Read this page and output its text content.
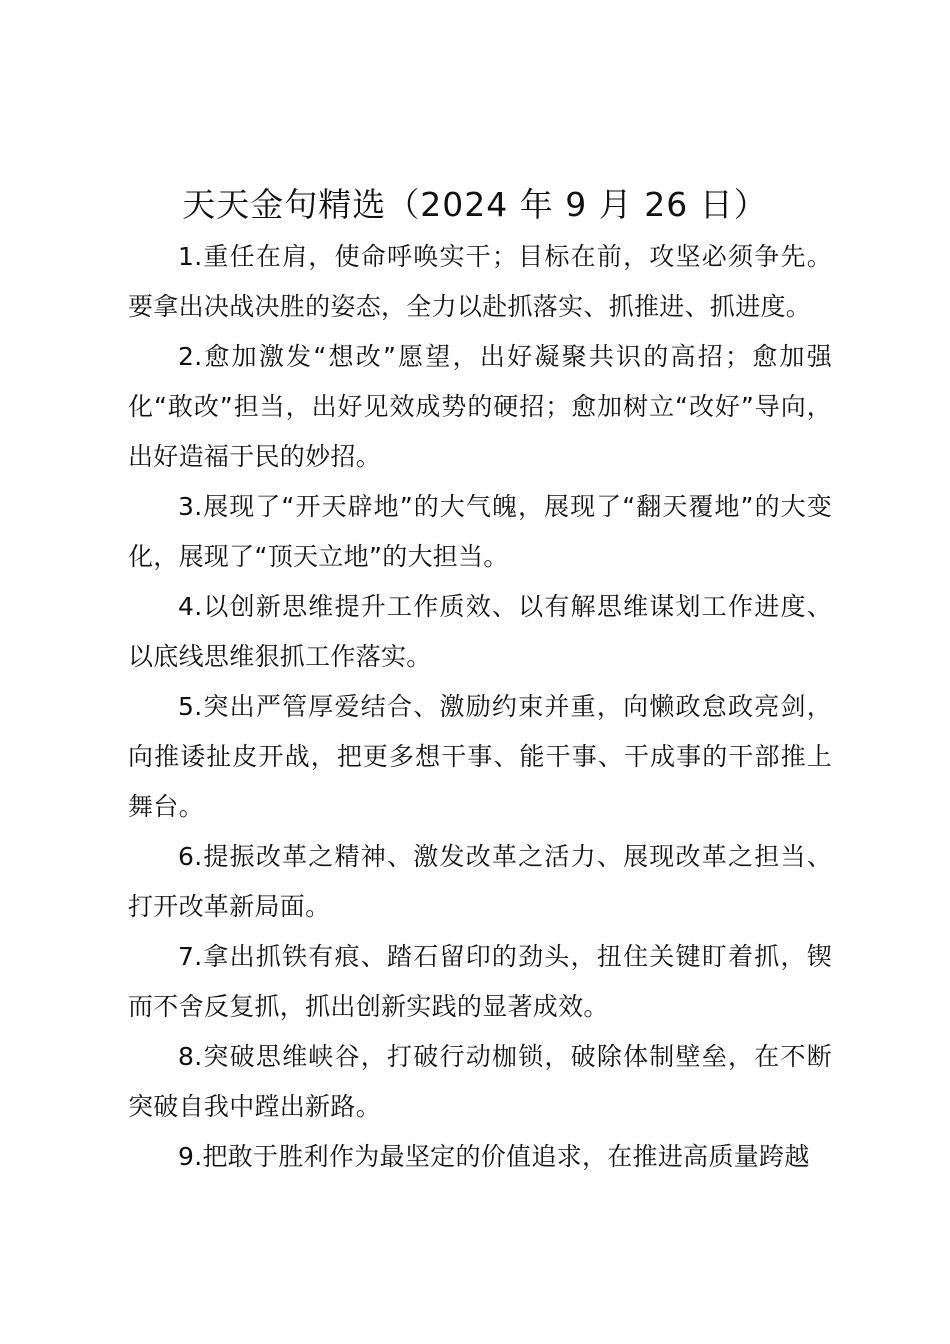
天天金句精选（2024 年 9 月 26 日）

1.重任在肩，使命呼唤实干；目标在前，攻坚必须争先。要拿出决战决胜的姿态，全力以赴抓落实、抓推进、抓进度。

2.愈加激发“想改”愿望，出好凝聚共识的高招；愈加强化“敢改”担当，出好见效成势的硬招；愈加树立“改好”导向，出好造福于民的妙招。

3.展现了“开天辟地”的大气魄，展现了“翻天覆地”的大变化，展现了“顶天立地”的大担当。

4.以创新思维提升工作质效、以有解思维谋划工作进度、以底线思维狠抓工作落实。

5.突出严管厚爱结合、激励约束并重，向懒政怠政亮剑，向推诿扯皮开战，把更多想干事、能干事、干成事的干部推上舞台。

6.提振改革之精神、激发改革之活力、展现改革之担当、打开改革新局面。

7.拿出抓铁有痕、踏石留印的劲头，扭住关键盯着抓，锲而不舍反复抓，抓出创新实践的显著成效。

8.突破思维峡谷，打破行动枷锁，破除体制壁垒，在不断突破自我中蹚出新路。

9.把敢于胜利作为最坚定的价值追求，在推进高质量跨越
